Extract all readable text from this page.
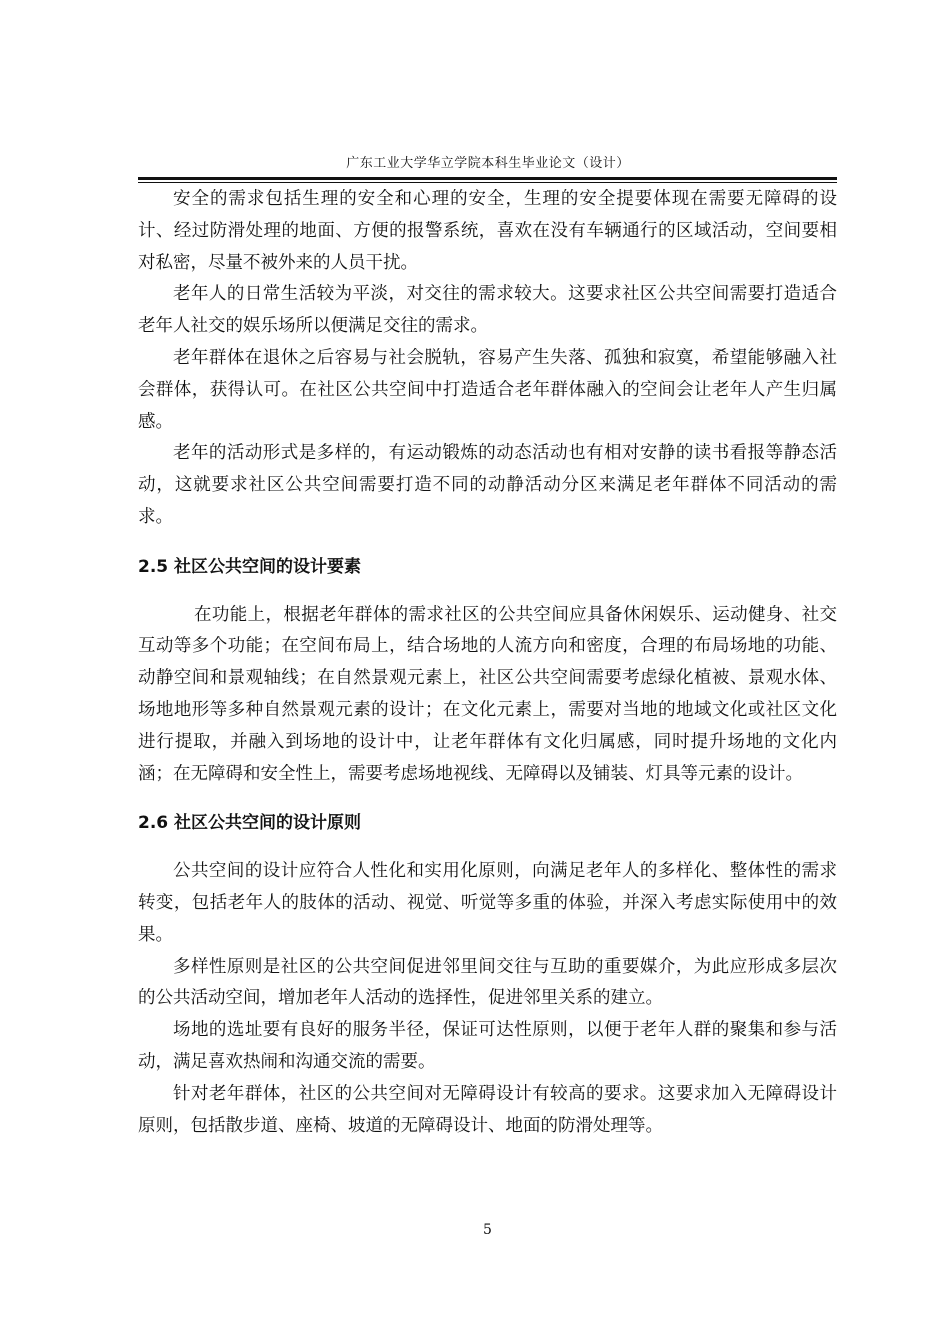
广东工业大学华立学院本科生毕业论文（设计）

安全的需求包括生理的安全和心理的安全，生理的安全提要体现在需要无障碍的设计、经过防滑处理的地面、方便的报警系统，喜欢在没有车辆通行的区域活动，空间要相对私密，尽量不被外来的人员干扰。

老年人的日常生活较为平淡，对交往的需求较大。这要求社区公共空间需要打造适合老年人社交的娱乐场所以便满足交往的需求。

老年群体在退休之后容易与社会脱轨，容易产生失落、孤独和寂寞，希望能够融入社会群体，获得认可。在社区公共空间中打造适合老年群体融入的空间会让老年人产生归属感。

老年的活动形式是多样的，有运动锻炼的动态活动也有相对安静的读书看报等静态活动，这就要求社区公共空间需要打造不同的动静活动分区来满足老年群体不同活动的需求。

2.5 社区公共空间的设计要素

在功能上，根据老年群体的需求社区的公共空间应具备休闲娱乐、运动健身、社交互动等多个功能；在空间布局上，结合场地的人流方向和密度，合理的布局场地的功能、动静空间和景观轴线；在自然景观元素上，社区公共空间需要考虑绿化植被、景观水体、场地地形等多种自然景观元素的设计；在文化元素上，需要对当地的地域文化或社区文化进行提取，并融入到场地的设计中，让老年群体有文化归属感，同时提升场地的文化内涵；在无障碍和安全性上，需要考虑场地视线、无障碍以及铺装、灯具等元素的设计。

2.6 社区公共空间的设计原则

公共空间的设计应符合人性化和实用化原则，向满足老年人的多样化、整体性的需求转变，包括老年人的肢体的活动、视觉、听觉等多重的体验，并深入考虑实际使用中的效果。

多样性原则是社区的公共空间促进邻里间交往与互助的重要媒介，为此应形成多层次的公共活动空间，增加老年人活动的选择性，促进邻里关系的建立。

场地的选址要有良好的服务半径，保证可达性原则，以便于老年人群的聚集和参与活动，满足喜欢热闹和沟通交流的需要。

针对老年群体，社区的公共空间对无障碍设计有较高的要求。这要求加入无障碍设计原则，包括散步道、座椅、坡道的无障碍设计、地面的防滑处理等。

5
